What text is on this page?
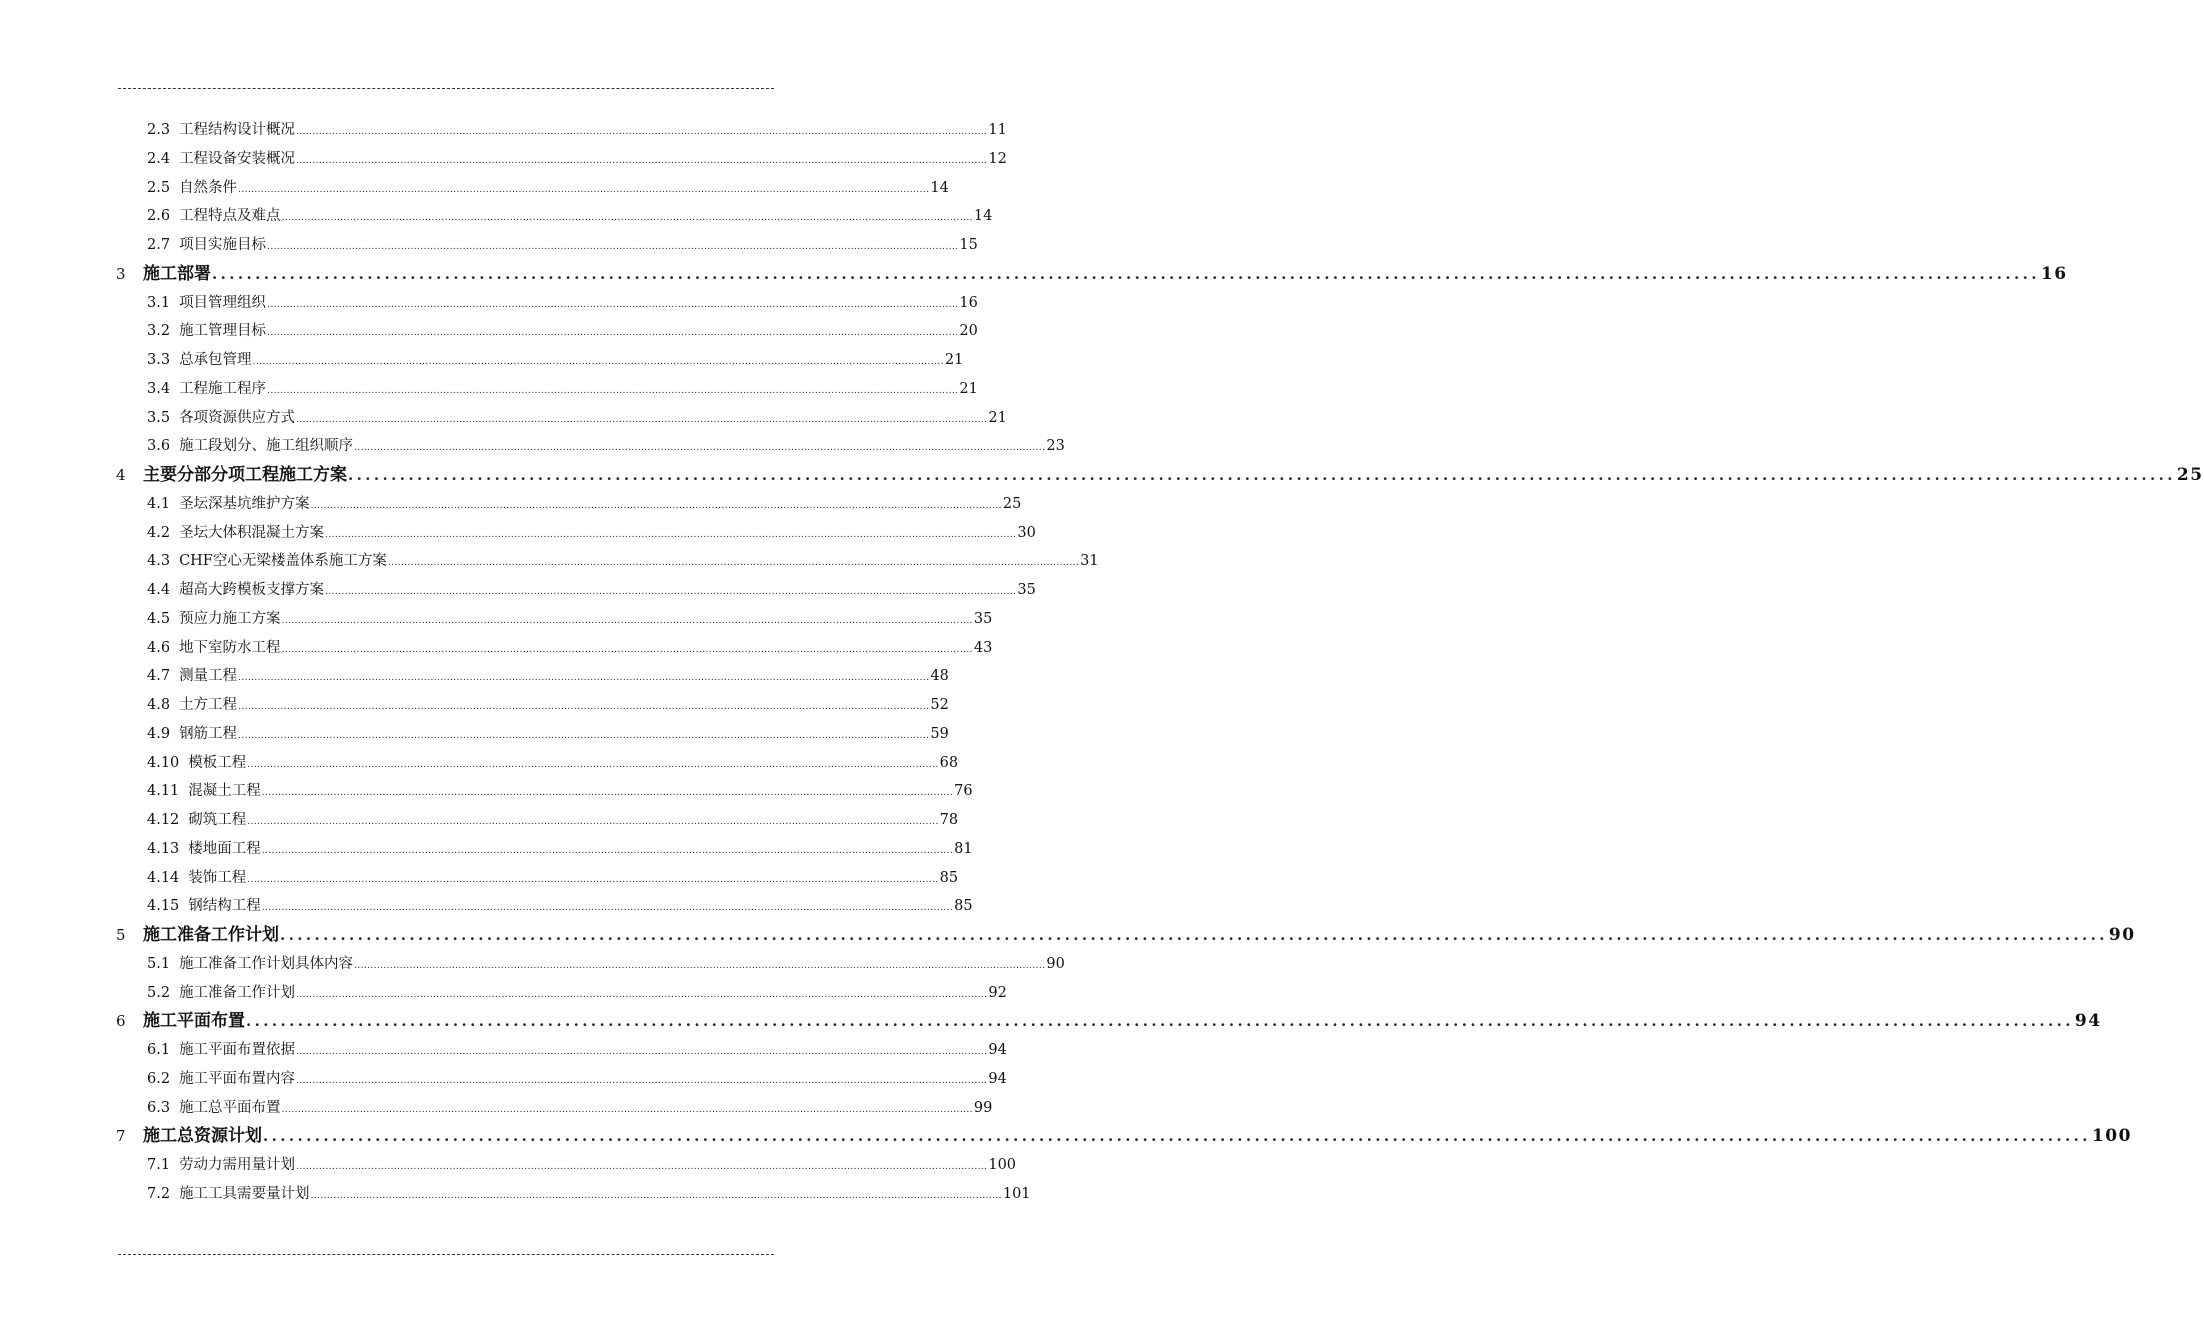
2.3 工程结构设计概况 .................................................................................................................................................................................................................... 11
2.4 工程设备安装概况 .................................................................................................................................................................................................................... 12
2.5 自然条件 .................................................................................................................................................................................................................... 14
2.6 工程特点及难点 .................................................................................................................................................................................................................... 14
2.7 项目实施目标 .................................................................................................................................................................................................................... 15
3	施工部署 .................................................................................................................................................................................................................... 16
3.1 项目管理组织 .................................................................................................................................................................................................................... 16
3.2 施工管理目标 .................................................................................................................................................................................................................... 20
3.3 总承包管理 .................................................................................................................................................................................................................... 21
3.4 工程施工程序 .................................................................................................................................................................................................................... 21
3.5 各项资源供应方式 .................................................................................................................................................................................................................... 21
3.6 施工段划分、施工组织顺序 .................................................................................................................................................................................................................... 23
4	主要分部分项工程施工方案 .................................................................................................................................................................................................................... 25
4.1 圣坛深基坑维护方案 .................................................................................................................................................................................................................... 25
4.2 圣坛大体积混凝土方案 .................................................................................................................................................................................................................... 30
4.3 CHF空心无梁楼盖体系施工方案 .................................................................................................................................................................................................................... 31
4.4 超高大跨模板支撑方案 .................................................................................................................................................................................................................... 35
4.5 预应力施工方案 .................................................................................................................................................................................................................... 35
4.6 地下室防水工程 .................................................................................................................................................................................................................... 43
4.7 测量工程 .................................................................................................................................................................................................................... 48
4.8 土方工程 .................................................................................................................................................................................................................... 52
4.9 钢筋工程 .................................................................................................................................................................................................................... 59
4.10 模板工程 .................................................................................................................................................................................................................... 68
4.11 混凝土工程 .................................................................................................................................................................................................................... 76
4.12 砌筑工程 .................................................................................................................................................................................................................... 78
4.13 楼地面工程 .................................................................................................................................................................................................................... 81
4.14 装饰工程 .................................................................................................................................................................................................................... 85
4.15 钢结构工程 .................................................................................................................................................................................................................... 85
5	施工准备工作计划 .................................................................................................................................................................................................................... 90
5.1 施工准备工作计划具体内容 .................................................................................................................................................................................................................... 90
5.2 施工准备工作计划 .................................................................................................................................................................................................................... 92
6	施工平面布置 .................................................................................................................................................................................................................... 94
6.1 施工平面布置依据 .................................................................................................................................................................................................................... 94
6.2 施工平面布置内容 .................................................................................................................................................................................................................... 94
6.3 施工总平面布置 .................................................................................................................................................................................................................... 99
7	施工总资源计划 .................................................................................................................................................................................................................... 100
7.1 劳动力需用量计划 .................................................................................................................................................................................................................... 100
7.2 施工工具需要量计划 .................................................................................................................................................................................................................... 101
